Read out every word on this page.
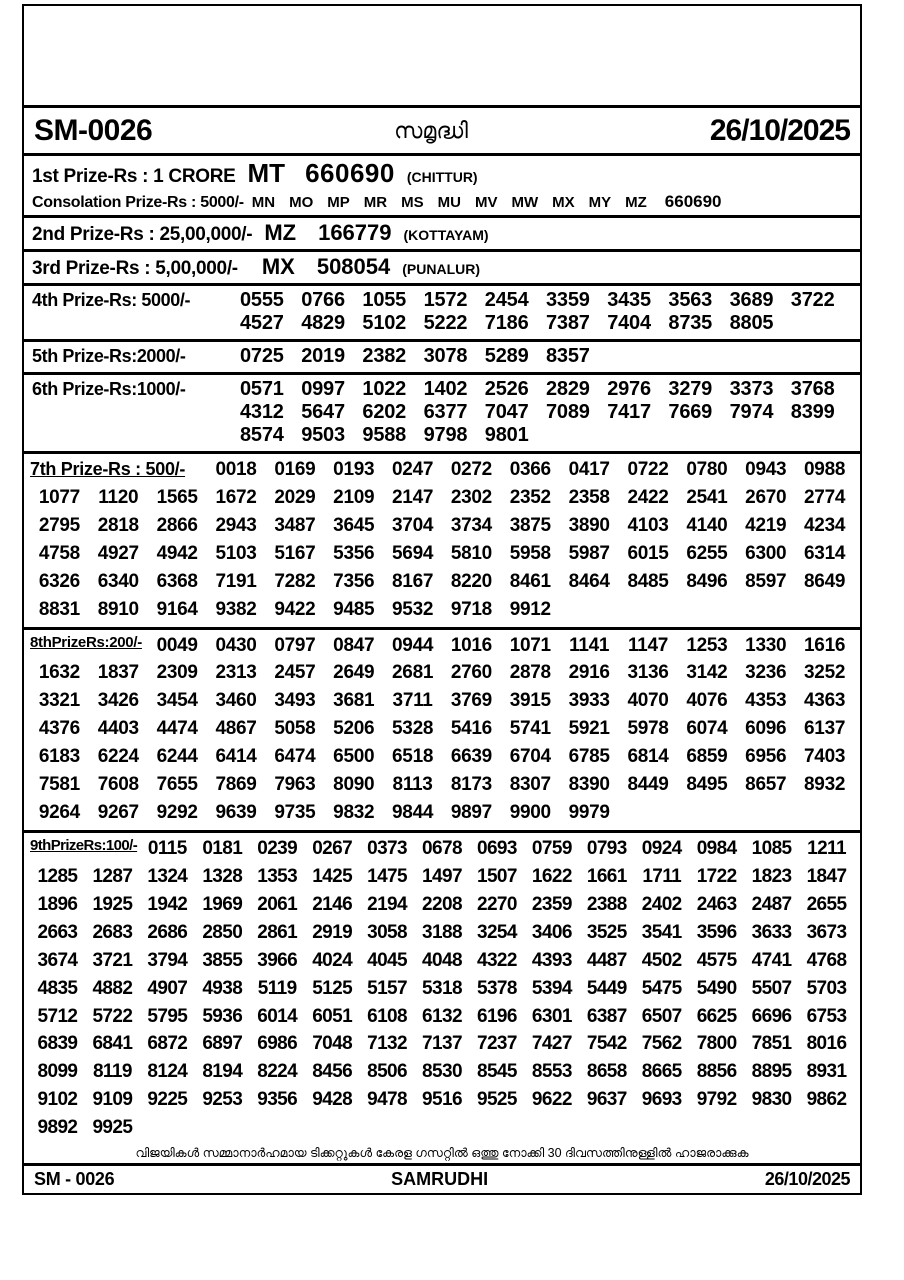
SM-0026	സമൃദ്ധി	26/10/2025
1st Prize-Rs : 1 CRORE MT 660690 (CHITTUR)
Consolation Prize-Rs : 5000/- MN MO MP MR MS MU MV MW MX MY MZ 660690
2nd Prize-Rs : 25,00,000/- MZ 166779 (KOTTAYAM)
3rd Prize-Rs : 5,00,000/- MX 508054 (PUNALUR)
4th Prize-Rs: 5000/-	0555 0766 1055 1572 2454 3359 3435 3563 3689 3722
4527 4829 5102 5222 7186 7387 7404 8735 8805
5th Prize-Rs:2000/-	0725 2019 2382 3078 5289 8357
6th Prize-Rs:1000/-	0571 0997 1022 1402 2526 2829 2976 3279 3373 3768
4312 5647 6202 6377 7047 7089 7417 7669 7974 8399
8574 9503 9588 9798 9801
7th Prize-Rs : 500/-	0018 0169 0193 0247 0272 0366 0417 0722 0780 0943 0988
1077 1120 1565 1672 2029 2109 2147 2302 2352 2358 2422 2541 2670 2774
2795 2818 2866 2943 3487 3645 3704 3734 3875 3890 4103 4140 4219 4234
4758 4927 4942 5103 5167 5356 5694 5810 5958 5987 6015 6255 6300 6314
6326 6340 6368 7191 7282 7356 8167 8220 8461 8464 8485 8496 8597 8649
8831 8910 9164 9382 9422 9485 9532 9718 9912
8thPrizeRs:200/- 0049 0430 0797 0847 0944 1016 1071 1141 1147 1253 1330 1616
1632 1837 2309 2313 2457 2649 2681 2760 2878 2916 3136 3142 3236 3252
3321 3426 3454 3460 3493 3681 3711 3769 3915 3933 4070 4076 4353 4363
4376 4403 4474 4867 5058 5206 5328 5416 5741 5921 5978 6074 6096 6137
6183 6224 6244 6414 6474 6500 6518 6639 6704 6785 6814 6859 6956 7403
7581 7608 7655 7869 7963 8090 8113 8173 8307 8390 8449 8495 8657 8932
9264 9267 9292 9639 9735 9832 9844 9897 9900 9979
9thPrizeRs:100/- 0115 0181 0239 0267 0373 0678 0693 0759 0793 0924 0984 1085 1211
1285 1287 1324 1328 1353 1425 1475 1497 1507 1622 1661 1711 1722 1823 1847
1896 1925 1942 1969 2061 2146 2194 2208 2270 2359 2388 2402 2463 2487 2655
2663 2683 2686 2850 2861 2919 3058 3188 3254 3406 3525 3541 3596 3633 3673
3674 3721 3794 3855 3966 4024 4045 4048 4322 4393 4487 4502 4575 4741 4768
4835 4882 4907 4938 5119 5125 5157 5318 5378 5394 5449 5475 5490 5507 5703
5712 5722 5795 5936 6014 6051 6108 6132 6196 6301 6387 6507 6625 6696 6753
6839 6841 6872 6897 6986 7048 7132 7137 7237 7427 7542 7562 7800 7851 8016
8099 8119 8124 8194 8224 8456 8506 8530 8545 8553 8658 8665 8856 8895 8931
9102 9109 9225 9253 9356 9428 9478 9516 9525 9622 9637 9693 9792 9830 9862
9892 9925
വിജയികൾ സമ്മാനാർഹമായ ടിക്കറ്റുകൾ കേരള ഗസറ്റിൽ ഒത്തു നോക്കി 30 ദിവസത്തിനുള്ളിൽ ഹാജരാക്കുക
SM - 0026	SAMRUDHI	26/10/2025
